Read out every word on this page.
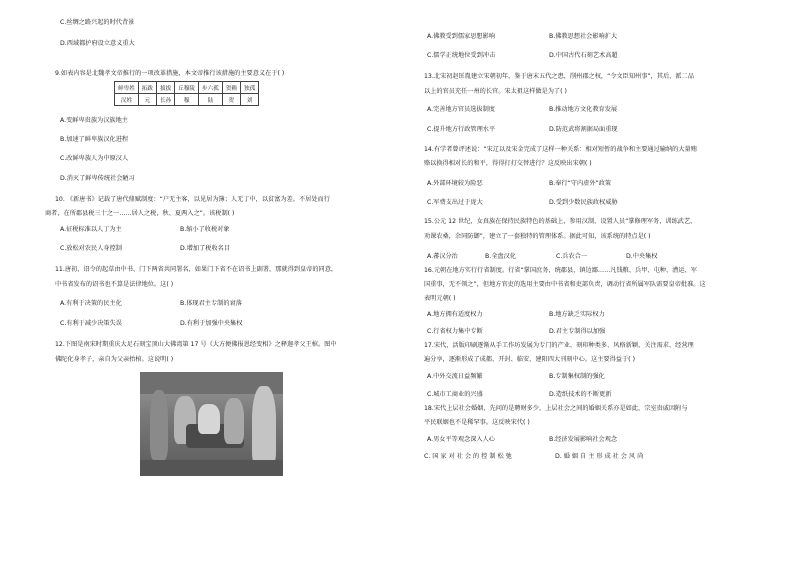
C.丝绸之路兴起的时代背景
D.西域都护府设立意义重大
9.如表内容是北魏孝文帝推行的一项改革措施，本文帝推行该措施的主要意义在于( )
鲜卑姓	拓跋	拔拔	丘穆陵	步六孤	贺赖	独孤
汉姓	元	长孙	穆	陆	贺	刘
A.变鲜卑贵族为汉族地主
B.加速了鲜卑族汉化进程
C.改鲜卑族人为中原汉人
D.消灭了鲜卑传统社会陋习
10. 《新唐书》记载了唐代鼎赋制度：“户无主客，以见居为簿；人无丁中，以贫富为差。不居处而行
商者，在所郡县税三十之一……居人之税，秋、夏两入之”。该税制( )
A.征税标准以人丁为主	B.缩小了收税对象
C.放松对农民人身控制	D.增加了税收名目
11.唐初，诏令的起草由中书、门下两省共同署名，如果门下省不在诏书上副署，那就得到皇帝的同意，
中书省发布的诏书也不算是法律地位。这( )
A.有利于决策的民主化	B.体现君主专制的衰落
C.有利于减少决策失误	D.有利于加强中央集权
12.下图是南宋时期重庆大足石刻宝顶山大佛湾第 17 号《大方便佛报恩经变相》之释迦孝父王棺。图中
佛陀化身孝子，亲自为父亲抬棺。这说明( )
A.佛教受到儒家思想影响	B.佛教思想社会影响扩大
C.儒学正统地位受到冲击	D.中国古代石刻艺术高超
13.北宋初赵匡胤建立宋朝初年，鉴于唐末五代之患，削州郡之权，“令文臣知州事”，其后，派二品
以上的官员充任一州的长官。宋太祖这样做是为了( )
A.完善地方官员选拔制度	B.推动地方文化教育发展
C.提升地方行政管理水平	D.防范武将割据局面重现
14.有学者曾评述说：“宋辽以及宋金完成了这样一种关系：相对短暂的战争和主要通过输纳的大量贿
赂以换得相对长的和平，得得打打交替进行？这反映出宋朝( )
A.外部环境较为险恶	B.奉行“守内虚外”政策
C.军费支出过于庞大	D.受到少数民族政权威胁
15.公元 12 世纪，女真族在保持民族特色的基础上，参用汉制，设置人员“掌修理军务，训练武艺，
劝课农桑，余同防御”，建立了一套独特的管理体系。据此可知，该系统的特点是( )
A.蕃汉分治	B.全盘汉化	C.兵农合一	D.中央集权
16.元朝在地方实行行省制度。行省“掌国庶务，统郡县，镇边鄙……凡钱粮、兵甲、屯种、漕运、军
国重事，无不领之”，但地方官吏的选用主要由中书省和吏部负责，调动行省所属军队需要皇帝批准。这
表明元朝( )
A.地方拥有适度权力	B.地方缺乏实际权力
C.行省权力集中专断	D.君主专制得以加强
17.宋代，活版印刷逐渐从手工作坊发展为专门的产业，刻印种类多、风格新颖、关注需求、经营理
遍分享，逐渐形成了成都、开封、临安、建阳四大刊刻中心。这主要得益于( )
A.中外交流日益频繁	B.专制集权制的强化
C.城市工商业的兴盛	D.造纸技术的不断更新
18.宋代上层社会婚姻，先问的是聘财多少，上层社会之间的婚姻关系亦是如此，宗室贵戚因附与
平民联姻也不是稀罕事。这反映宋代( )
A.男女平等观念深入人心	B.经济发展影响社会观念
C. 国 家 对 社 会 的 控 制 松 弛	D. 婚 姻 自 主 形 成 社 会 风 尚
